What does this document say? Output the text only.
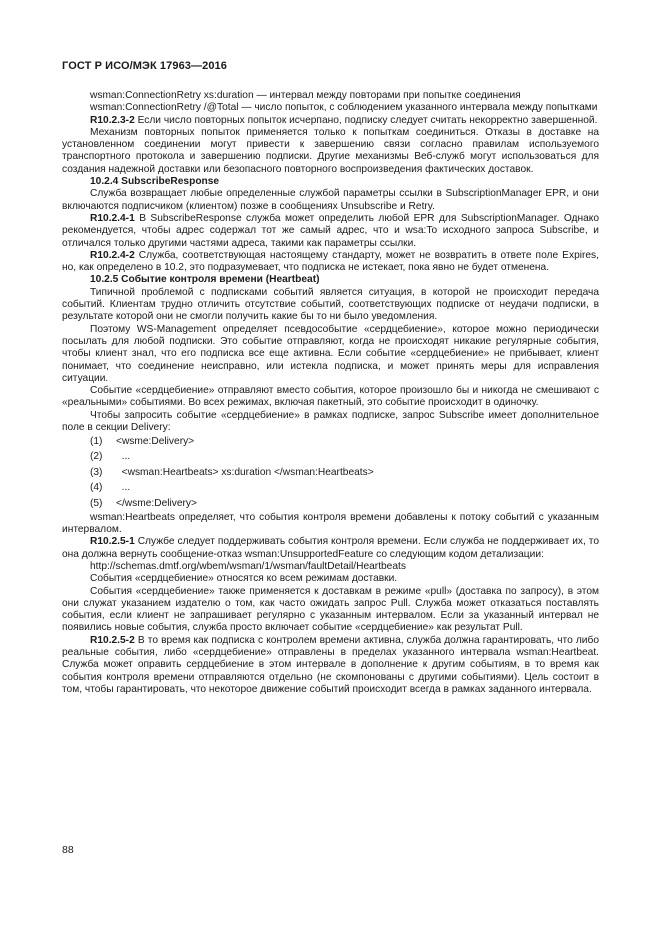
ГОСТ Р ИСО/МЭК 17963—2016

wsman:ConnectionRetry xs:duration — интервал между повторами при попытке соединения

wsman:ConnectionRetry /@Total — число попыток, с соблюдением указанного интервала между попытками

R10.2.3-2 Если число повторных попыток исчерпано, подписку следует считать некорректно завершенной.

Механизм повторных попыток применяется только к попыткам соединиться. Отказы в доставке на установленном соединении могут привести к завершению связи согласно правилам используемого транспортного протокола и завершению подписки. Другие механизмы Веб-служб могут использоваться для создания надежной доставки или безопасного повторного воспроизведения фактических доставок.

10.2.4 SubscribeResponse

Служба возвращает любые определенные службой параметры ссылки в SubscriptionManager EPR, и они включаются подписчиком (клиентом) позже в сообщениях Unsubscribe и Retry.

R10.2.4-1 В SubscribeResponse служба может определить любой EPR для SubscriptionManager. Однако рекомендуется, чтобы адрес содержал тот же самый адрес, что и wsa:To исходного запроса Subscribe, и отличался только другими частями адреса, такими как параметры ссылки.

R10.2.4-2 Служба, соответствующая настоящему стандарту, может не возвратить в ответе поле Expires, но, как определено в 10.2, это подразумевает, что подписка не истекает, пока явно не будет отменена.

10.2.5 Событие контроля времени (Heartbeat)

Типичной проблемой с подписками событий является ситуация, в которой не происходит передача событий. Клиентам трудно отличить отсутствие событий, соответствующих подписке от неудачи подписки, в результате которой они не смогли получить какие бы то ни было уведомления.

Поэтому WS-Management определяет псевдособытие «сердцебиение», которое можно периодически посылать для любой подписки. Это событие отправляют, когда не происходят никакие регулярные события, чтобы клиент знал, что его подписка все еще активна. Если событие «сердцебиение» не прибывает, клиент понимает, что соединение неисправно, или истекла подписка, и может принять меры для исправления ситуации.

Событие «сердцебиение» отправляют вместо события, которое произошло бы и никогда не смешивают с «реальными» событиями. Во всех режимах, включая пакетный, это событие происходит в одиночку.

Чтобы запросить событие «сердцебиение» в рамках подписке, запрос Subscribe имеет дополнительное поле в секции Delivery:

(1)	<wsme:Delivery>
(2)	...
(3)	<wsman:Heartbeats> xs:duration </wsman:Heartbeats>
(4)	...
(5)	</wsme:Delivery>

wsman:Heartbeats определяет, что события контроля времени добавлены к потоку событий с указанным интервалом.

R10.2.5-1 Службе следует поддерживать события контроля времени. Если служба не поддерживает их, то она должна вернуть сообщение-отказ wsman:UnsupportedFeature со следующим кодом детализации:

http://schemas.dmtf.org/wbem/wsman/1/wsman/faultDetail/Heartbeats

События «сердцебиение» относятся ко всем режимам доставки.

События «сердцебиение» также применяется к доставкам в режиме «pull» (доставка по запросу), в этом они служат указанием издателю о том, как часто ожидать запрос Pull. Служба может отказаться поставлять события, если клиент не запрашивает регулярно с указанным интервалом. Если за указанный интервал не появились новые события, служба просто включает событие «сердцебиение» как результат Pull.

R10.2.5-2 В то время как подписка с контролем времени активна, служба должна гарантировать, что либо реальные события, либо «сердцебиение» отправлены в пределах указанного интервала wsman:Heartbeat. Служба может оправить сердцебиение в этом интервале в дополнение к другим событиям, в то время как события контроля времени отправляются отдельно (не скомпонованы с другими событиями). Цель состоит в том, чтобы гарантировать, что некоторое движение событий происходит всегда в рамках заданного интервала.

88
